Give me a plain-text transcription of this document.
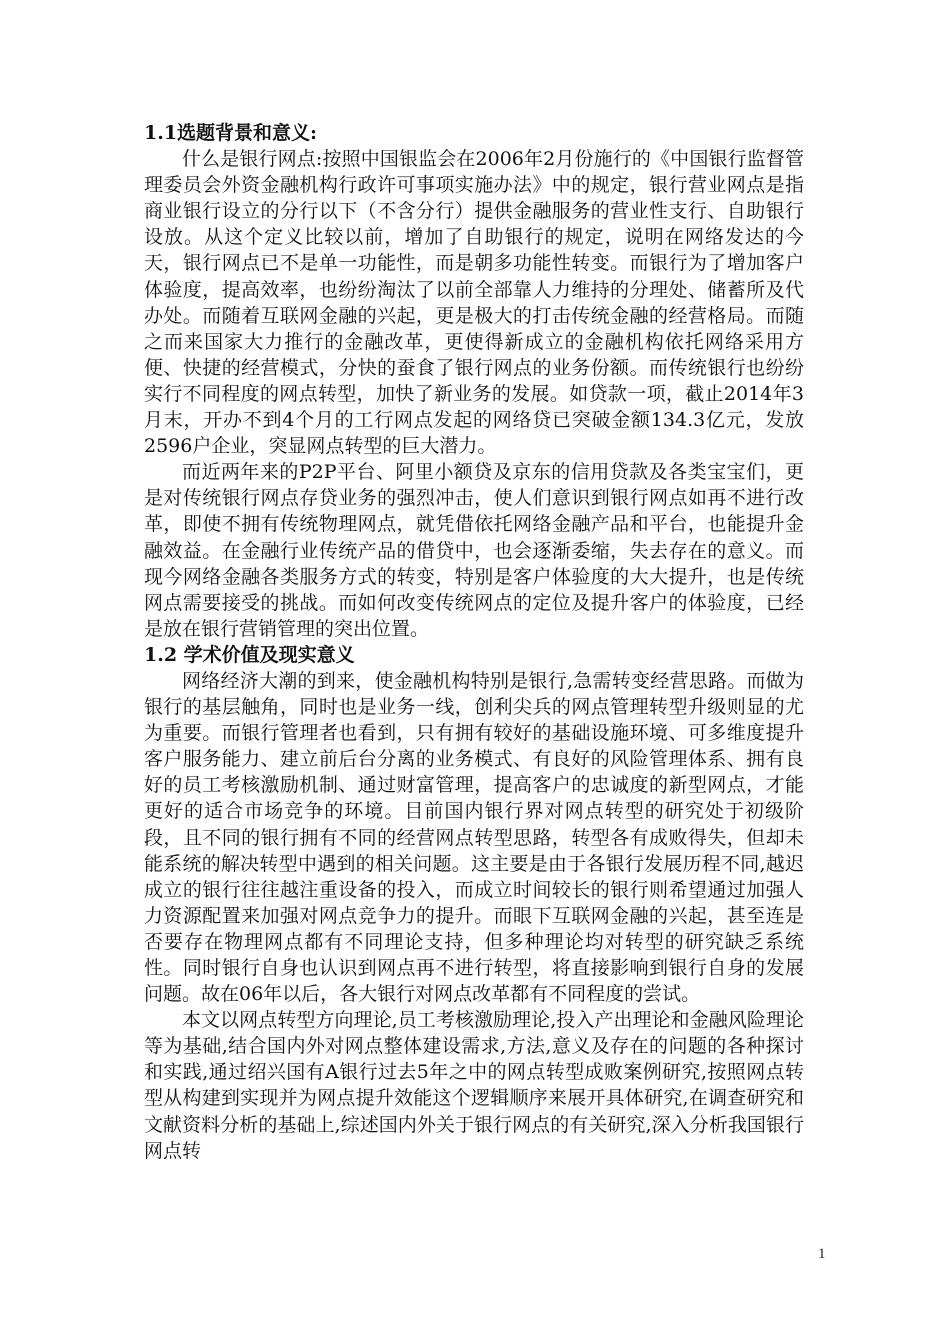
1.1选题背景和意义:

什么是银行网点:按照中国银监会在2006年2月份施行的《中国银行监督管理委员会外资金融机构行政许可事项实施办法》中的规定，银行营业网点是指商业银行设立的分行以下（不含分行）提供金融服务的营业性支行、自助银行设放。从这个定义比较以前，增加了自助银行的规定，说明在网络发达的今天，银行网点已不是单一功能性，而是朝多功能性转变。而银行为了增加客户体验度，提高效率，也纷纷淘汰了以前全部靠人力维持的分理处、储蓄所及代办处。而随着互联网金融的兴起，更是极大的打击传统金融的经营格局。而随之而来国家大力推行的金融改革，更使得新成立的金融机构依托网络采用方便、快捷的经营模式，分快的蚕食了银行网点的业务份额。而传统银行也纷纷实行不同程度的网点转型，加快了新业务的发展。如贷款一项，截止2014年3月末，开办不到4个月的工行网点发起的网络贷已突破金额134.3亿元，发放2596户企业，突显网点转型的巨大潜力。

而近两年来的P2P平台、阿里小额贷及京东的信用贷款及各类宝宝们，更是对传统银行网点存贷业务的强烈冲击，使人们意识到银行网点如再不进行改革，即使不拥有传统物理网点，就凭借依托网络金融产品和平台，也能提升金融效益。在金融行业传统产品的借贷中，也会逐渐委缩，失去存在的意义。而现今网络金融各类服务方式的转变，特别是客户体验度的大大提升，也是传统网点需要接受的挑战。而如何改变传统网点的定位及提升客户的体验度，已经是放在银行营销管理的突出位置。

1.2 学术价值及现实意义

网络经济大潮的到来，使金融机构特别是银行,急需转变经营思路。而做为银行的基层触角，同时也是业务一线，创利尖兵的网点管理转型升级则显的尤为重要。而银行管理者也看到，只有拥有较好的基础设施环境、可多维度提升客户服务能力、建立前后台分离的业务模式、有良好的风险管理体系、拥有良好的员工考核激励机制、通过财富管理，提高客户的忠诚度的新型网点，才能更好的适合市场竞争的环境。目前国内银行界对网点转型的研究处于初级阶段，且不同的银行拥有不同的经营网点转型思路，转型各有成败得失，但却未能系统的解决转型中遇到的相关问题。这主要是由于各银行发展历程不同,越迟成立的银行往往越注重设备的投入，而成立时间较长的银行则希望通过加强人力资源配置来加强对网点竞争力的提升。而眼下互联网金融的兴起，甚至连是否要存在物理网点都有不同理论支持，但多种理论均对转型的研究缺乏系统性。同时银行自身也认识到网点再不进行转型，将直接影响到银行自身的发展问题。故在06年以后，各大银行对网点改革都有不同程度的尝试。

本文以网点转型方向理论,员工考核激励理论,投入产出理论和金融风险理论等为基础,结合国内外对网点整体建设需求,方法,意义及存在的问题的各种探讨和实践,通过绍兴国有A银行过去5年之中的网点转型成败案例研究,按照网点转型从构建到实现并为网点提升效能这个逻辑顺序来展开具体研究,在调查研究和文献资料分析的基础上,综述国内外关于银行网点的有关研究,深入分析我国银行网点转

1
